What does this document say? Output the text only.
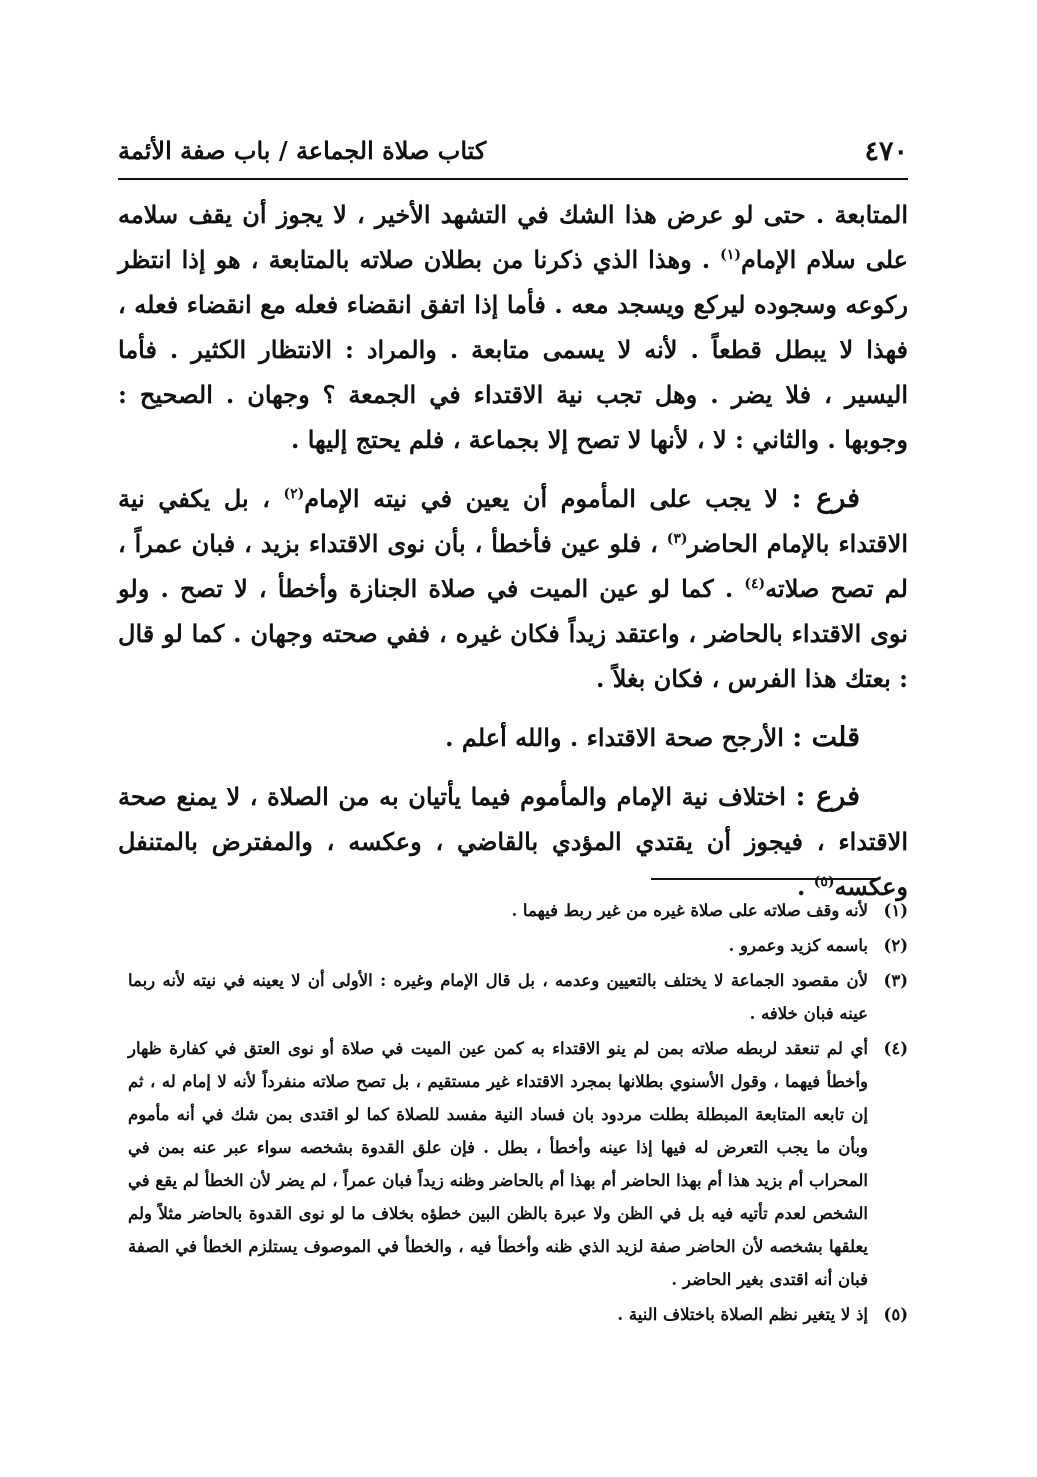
٤٧٠
كتاب صلاة الجماعة / باب صفة الأئمة

المتابعة . حتى لو عرض هذا الشك في التشهد الأخير ، لا يجوز أن يقف سلامه على سلام الإمام$^{(١)}$ . وهذا الذي ذكرنا من بطلان صلاته بالمتابعة ، هو إذا انتظر ركوعه وسجوده ليركع ويسجد معه . فأما إذا اتفق انقضاء فعله مع انقضاء فعله ، فهذا لا يبطل قطعاً . لأنه لا يسمى متابعة . والمراد : الانتظار الكثير . فأما اليسير ، فلا يضر . وهل تجب نية الاقتداء في الجمعة ؟ وجهان . الصحيح : وجوبها . والثاني : لا ، لأنها لا تصح إلا بجماعة ، فلم يحتج إليها .

فرع : لا يجب على المأموم أن يعين في نيته الإمام$^{(٢)}$ ، بل يكفي نية الاقتداء بالإمام الحاضر$^{(٣)}$ ، فلو عين فأخطأ ، بأن نوى الاقتداء بزيد ، فبان عمراً ، لم تصح صلاته$^{(٤)}$ . كما لو عين الميت في صلاة الجنازة وأخطأ ، لا تصح . ولو نوى الاقتداء بالحاضر ، واعتقد زيداً فكان غيره ، ففي صحته وجهان . كما لو قال : بعتك هذا الفرس ، فكان بغلاً .

قلت : الأرجح صحة الاقتداء . والله أعلم .

فرع : اختلاف نية الإمام والمأموم فيما يأتيان به من الصلاة ، لا يمنع صحة الاقتداء ، فيجوز أن يقتدي المؤدي بالقاضي ، وعكسه ، والمفترض بالمتنفل وعكسه$^{(٥)}$ .

(١)
لأنه وقف صلاته على صلاة غيره من غير ربط فيهما .
(٢)
باسمه كزيد وعمرو .
(٣)
لأن مقصود الجماعة لا يختلف بالتعيين وعدمه ، بل قال الإمام وغيره : الأولى أن لا يعينه في نيته لأنه ربما عينه فبان خلافه .
(٤)
أي لم تنعقد لربطه صلاته بمن لم ينو الاقتداء به كمن عين الميت في صلاة أو نوى العتق في كفارة ظهار وأخطأ فيهما ، وقول الأسنوي بطلانها بمجرد الاقتداء غير مستقيم ، بل تصح صلاته منفرداً لأنه لا إمام له ، ثم إن تابعه المتابعة المبطلة بطلت مردود بان فساد النية مفسد للصلاة كما لو اقتدى بمن شك في أنه مأموم وبأن ما يجب التعرض له فيها إذا عينه وأخطأ ، بطل . فإن علق القدوة بشخصه سواء عبر عنه بمن في المحراب أم بزيد هذا أم بهذا الحاضر أم بهذا أم بالحاضر وظنه زيداً فبان عمراً ، لم يضر لأن الخطأ لم يقع في الشخص لعدم تأتيه فيه بل في الظن ولا عبرة بالظن البين خطؤه بخلاف ما لو نوى القدوة بالحاضر مثلاً ولم يعلقها بشخصه لأن الحاضر صفة لزيد الذي ظنه وأخطأ فيه ، والخطأ في الموصوف يستلزم الخطأ في الصفة فبان أنه اقتدى بغير الحاضر .
(٥)
إذ لا يتغير نظم الصلاة باختلاف النية .
